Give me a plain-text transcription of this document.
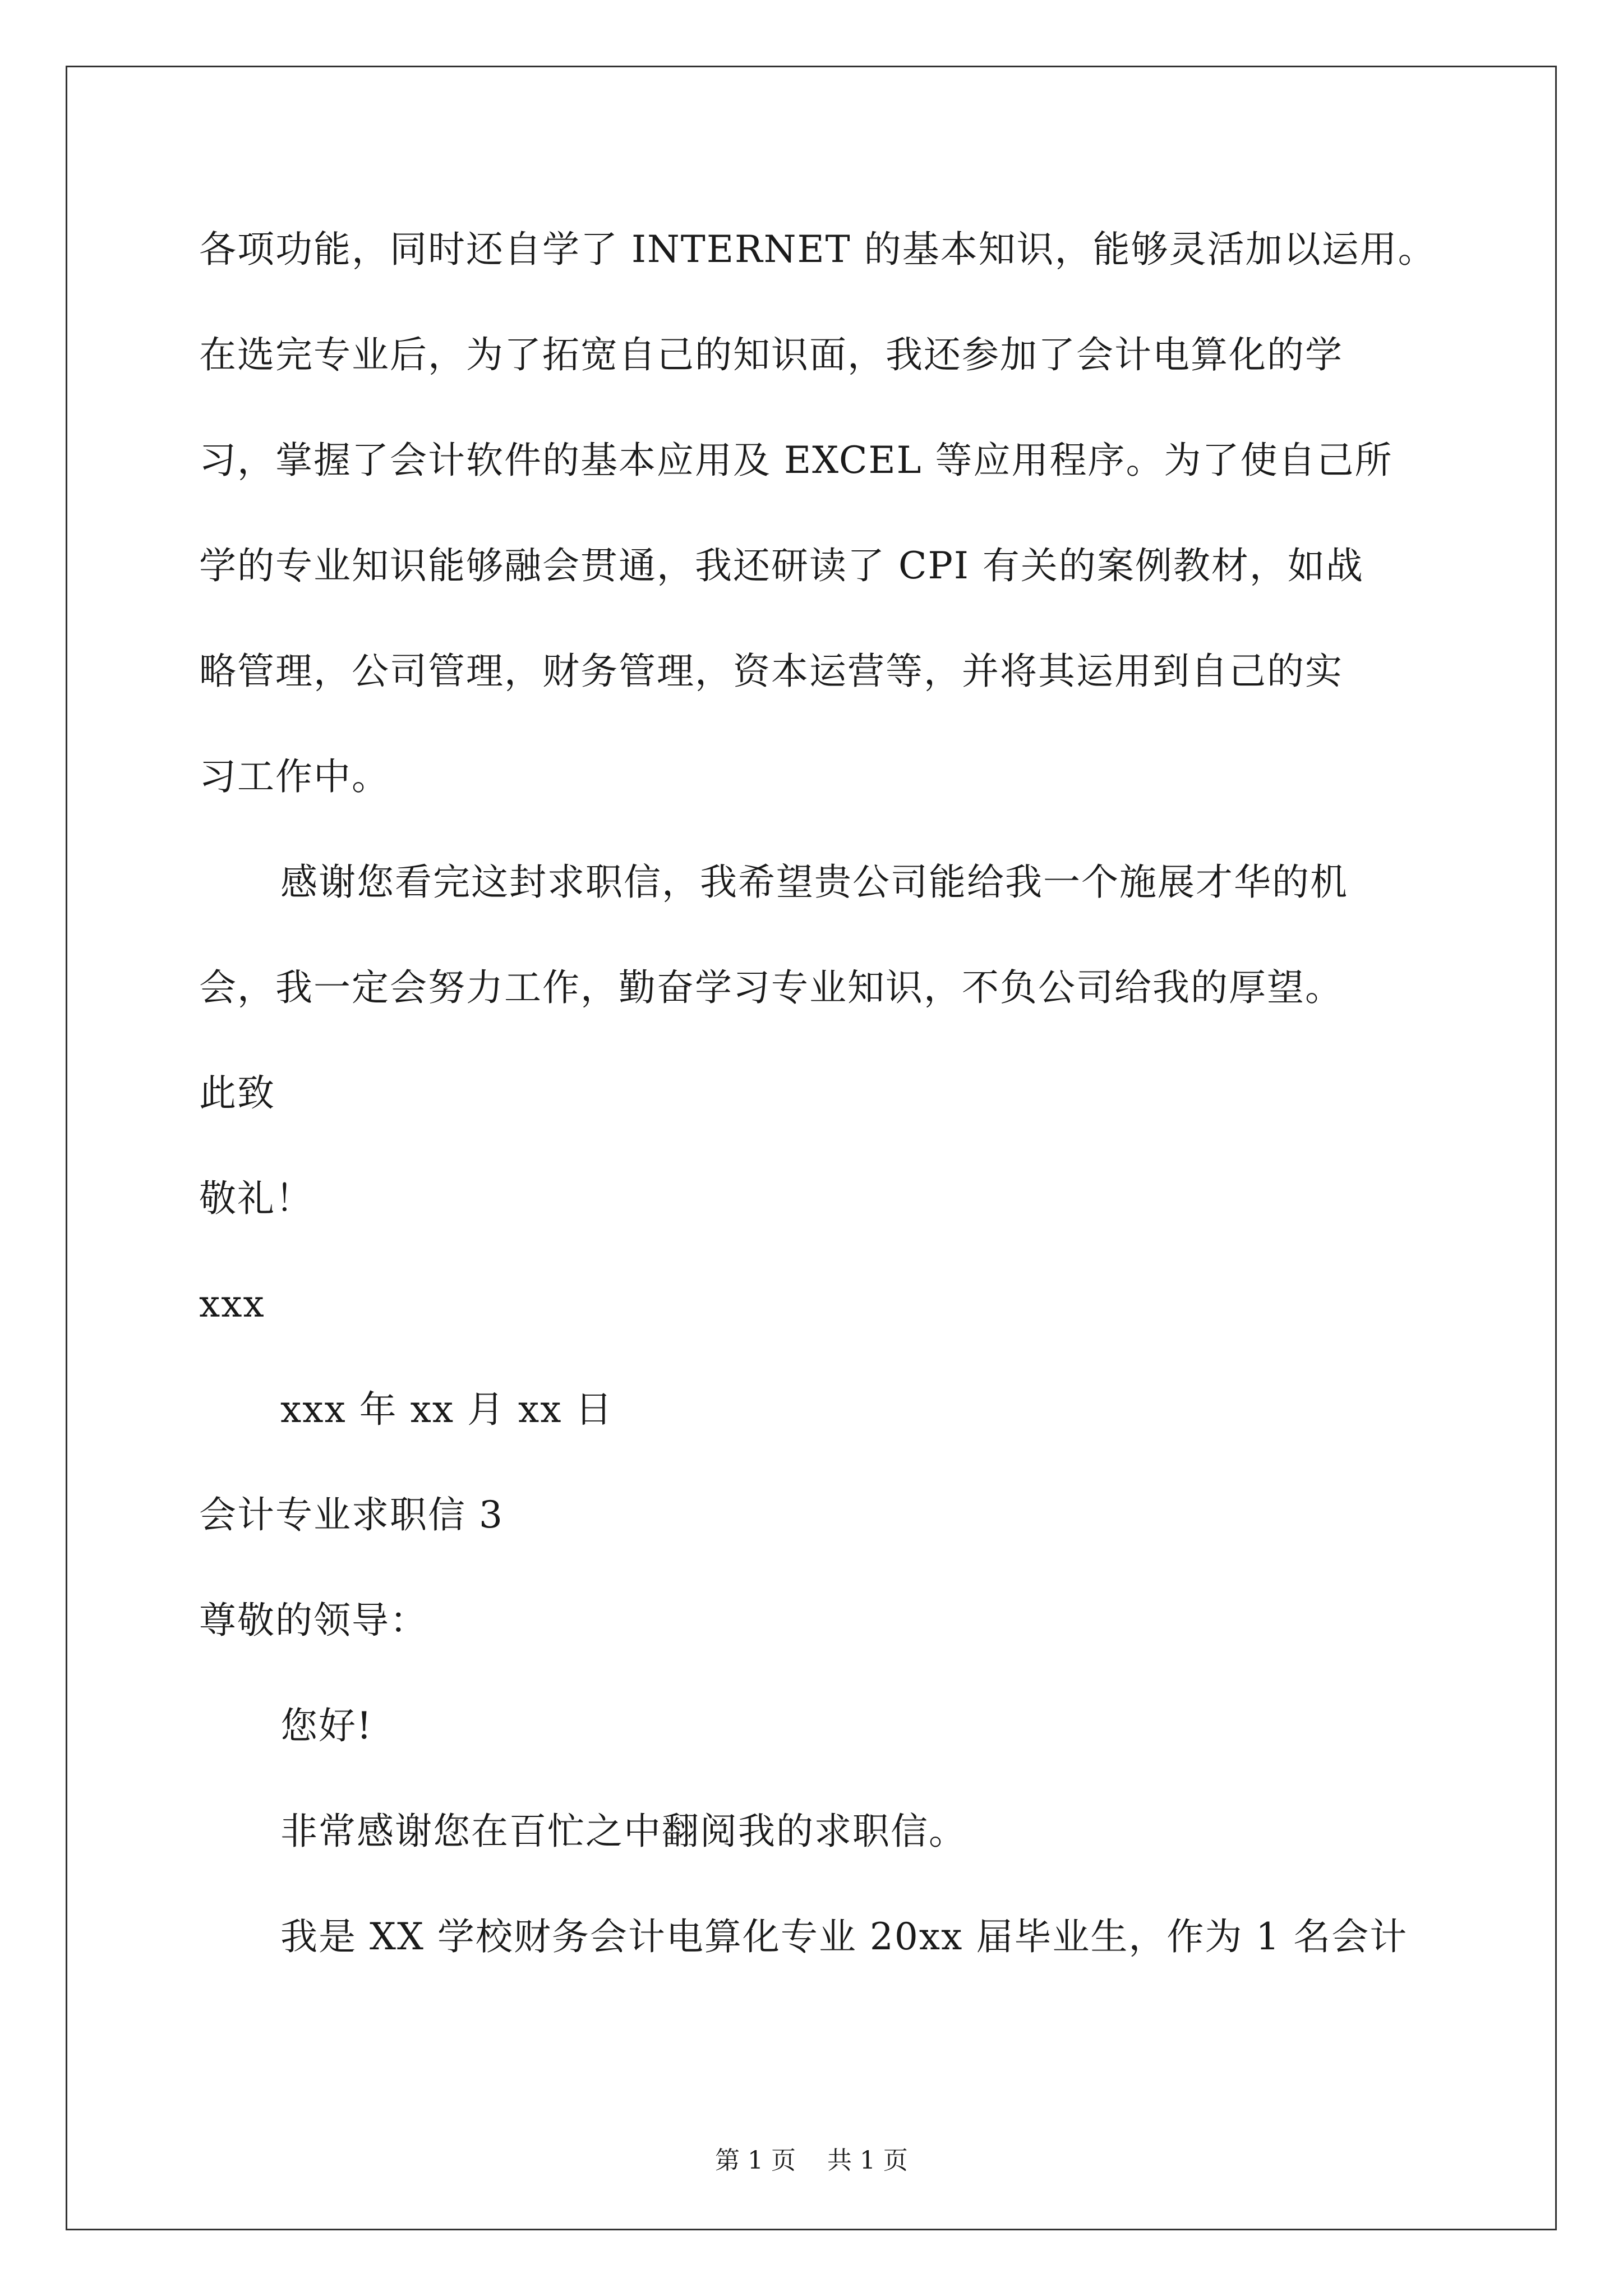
各项功能，同时还自学了 INTERNET 的基本知识，能够灵活加以运用。
在选完专业后，为了拓宽自己的知识面，我还参加了会计电算化的学
习，掌握了会计软件的基本应用及 EXCEL 等应用程序。为了使自己所
学的专业知识能够融会贯通，我还研读了 CPI 有关的案例教材，如战
略管理，公司管理，财务管理，资本运营等，并将其运用到自己的实
习工作中。
感谢您看完这封求职信，我希望贵公司能给我一个施展才华的机
会，我一定会努力工作，勤奋学习专业知识，不负公司给我的厚望。
此致
敬礼！
xxx
xxx 年 xx 月 xx 日
会计专业求职信 3
尊敬的领导：
您好!
非常感谢您在百忙之中翻阅我的求职信。
我是 XX 学校财务会计电算化专业 20xx 届毕业生，作为 1 名会计
第 1 页    共 1 页
